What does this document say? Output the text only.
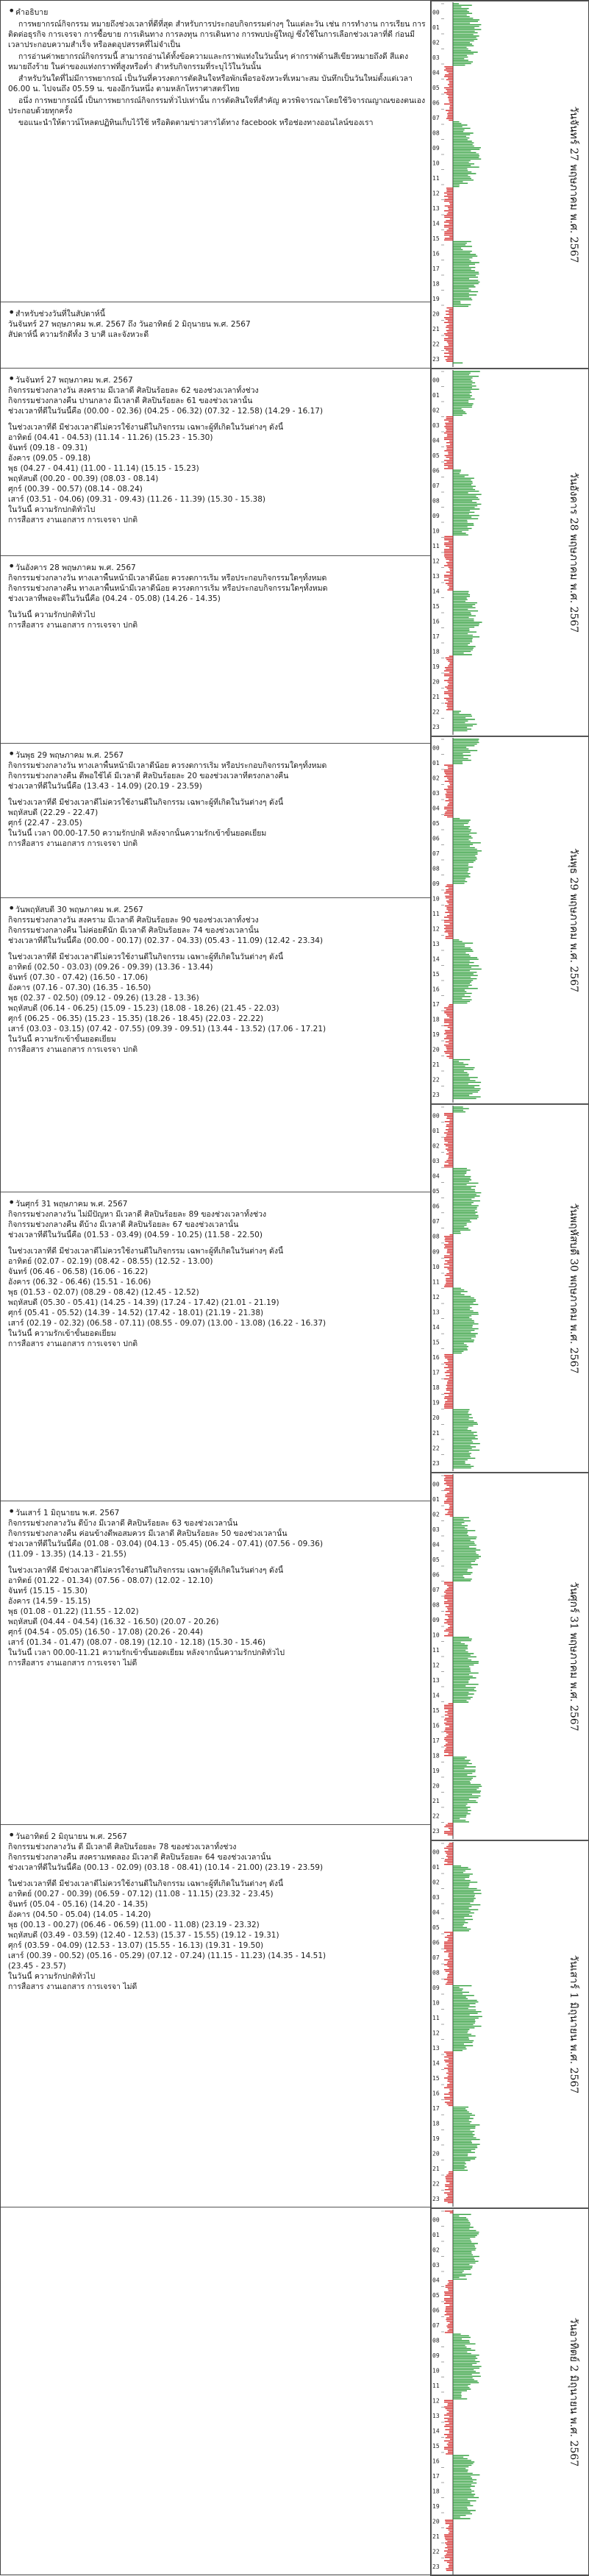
•คำอธิบาย
การพยากรณ์กิจกรรม หมายถึงช่วงเวลาที่ดีที่สุด สำหรับการประกอบกิจกรรมต่างๆ ในแต่ละวัน เช่น การทำงาน การเรียน การติดต่อธุรกิจ การเจรจา การซื้อขาย การเดินทาง การลงทุน การเดินทาง การพบปะผู้ใหญ่ ซึ่งใช้ในการเลือกช่วงเวลาที่ดี ก่อนมีเวลาประกอบความสำเร็จ หรือลดอุปสรรคที่ไม่จำเป็น
การอ่านค่าพยากรณ์กิจกรรมนี้ สามารถอ่านได้ทั้งข้อความและกราฟแท่งในวันนั้นๆ ค่ากราฟด้านสีเขียวหมายถึงดี สีแดงหมายถึงร้าย ในค่าของแท่งกราฟที่สูงหรือต่ำ สำหรับกิจกรรมที่ระบุไว้ในวันนั้น
สำหรับวันใดที่ไม่มีการพยากรณ์ เป็นวันที่ควรงดการตัดสินใจหรือพักเพื่อรอจังหวะที่เหมาะสม บันทึกเป็นวันใหม่ตั้งแต่เวลา 06.00 น. ไปจนถึง 05.59 น. ของอีกวันหนึ่ง ตามหลักโหราศาสตร์ไทย
อนึ่ง การพยากรณ์นี้ เป็นการพยากรณ์กิจกรรมทั่วไปเท่านั้น การตัดสินใจที่สำคัญ ควรพิจารณาโดยใช้วิจารณญาณของตนเองประกอบด้วยทุกครั้ง
ขอแนะนำให้ดาวน์โหลดปฏิทินเก็บไว้ใช้ หรือติดตามข่าวสารได้ทาง facebook หรือช่องทางออนไลน์ของเรา
•สำหรับช่วงวันที่ในสัปดาห์นี้
วันจันทร์ 27 พฤษภาคม พ.ศ. 2567 ถึง วันอาทิตย์ 2 มิถุนายน พ.ศ. 2567
สัปดาห์นี้ ความรักดีทั้ง 3 บาศี และจังหวะดี
•วันจันทร์ 27 พฤษภาคม พ.ศ. 2567
กิจกรรมช่วงกลางวัน สงคราม มีเวลาดี ศิลปินร้อยละ 62 ของช่วงเวลาทั้งช่วง
กิจกรรมช่วงกลางคืน ปานกลาง มีเวลาดี ศิลปินร้อยละ 61 ของช่วงเวลานั้น
ช่วงเวลาที่ดีในวันนี้คือ (00.00 - 02.36) (04.25 - 06.32) (07.32 - 12.58) (14.29 - 16.17)
ในช่วงเวลาที่ดี มีช่วงเวลาดีไม่ควรใช้งานดีในกิจกรรม เฉพาะผู้ที่เกิดในวันต่างๆ ดังนี้
อาทิตย์ (04.41 - 04.53) (11.14 - 11.26) (15.23 - 15.30)
จันทร์ (09.18 - 09.31)
อังคาร (09.05 - 09.18)
พุธ (04.27 - 04.41) (11.00 - 11.14) (15.15 - 15.23)
พฤหัสบดี (00.20 - 00.39) (08.03 - 08.14)
ศุกร์ (00.39 - 00.57) (08.14 - 08.24)
เสาร์ (03.51 - 04.06) (09.31 - 09.43) (11.26 - 11.39) (15.30 - 15.38)
ในวันนี้ ความรักปกติทั่วไป
การสื่อสาร งานเอกสาร การเจรจา ปกติ
•วันอังคาร 28 พฤษภาคม พ.ศ. 2567
กิจกรรมช่วงกลางวัน ทางเลาพื้นหน้ามีเวลาดีน้อย ควรงดการเริ่ม หรือประกอบกิจกรรมใดๆทั้งหมด
กิจกรรมช่วงกลางคืน ทางเลาพื้นหน้ามีเวลาดีน้อย ควรงดการเริ่ม หรือประกอบกิจกรรมใดๆทั้งหมด
ช่วงเวลาที่พอจะดีในวันนี้คือ (04.24 - 05.08) (14.26 - 14.35)
ในวันนี้ ความรักปกติทั่วไป
การสื่อสาร งานเอกสาร การเจรจา ปกติ
•วันพุธ 29 พฤษภาคม พ.ศ. 2567
กิจกรรมช่วงกลางวัน ทางเลาพื้นหน้ามีเวลาดีน้อย ควรงดการเริ่ม หรือประกอบกิจกรรมใดๆทั้งหมด
กิจกรรมช่วงกลางคืน ดีพอใช้ได้ มีเวลาดี ศิลปินร้อยละ 20 ของช่วงเวลาที่ตรงกลางคืน
ช่วงเวลาที่ดีในวันนี้คือ (13.43 - 14.09) (20.19 - 23.59)
ในช่วงเวลาที่ดี มีช่วงเวลาดีไม่ควรใช้งานดีในกิจกรรม เฉพาะผู้ที่เกิดในวันต่างๆ ดังนี้
พฤหัสบดี (22.29 - 22.47)
ศุกร์ (22.47 - 23.05)
ในวันนี้ เวลา 00.00-17.50 ความรักปกติ หลังจากนั้นความรักเข้าขั้นยอดเยี่ยม
การสื่อสาร งานเอกสาร การเจรจา ปกติ
•วันพฤหัสบดี 30 พฤษภาคม พ.ศ. 2567
กิจกรรมช่วงกลางวัน สงคราม มีเวลาดี ศิลปินร้อยละ 90 ของช่วงเวลาทั้งช่วง
กิจกรรมช่วงกลางคืน ไม่ค่อยดีนัก มีเวลาดี ศิลปินร้อยละ 74 ของช่วงเวลานั้น
ช่วงเวลาที่ดีในวันนี้คือ (00.00 - 00.17) (02.37 - 04.33) (05.43 - 11.09) (12.42 - 23.34)
ในช่วงเวลาที่ดี มีช่วงเวลาดีไม่ควรใช้งานดีในกิจกรรม เฉพาะผู้ที่เกิดในวันต่างๆ ดังนี้
อาทิตย์ (02.50 - 03.03) (09.26 - 09.39) (13.36 - 13.44)
จันทร์ (07.30 - 07.42) (16.50 - 17.06)
อังคาร (07.16 - 07.30) (16.35 - 16.50)
พุธ (02.37 - 02.50) (09.12 - 09.26) (13.28 - 13.36)
พฤหัสบดี (06.14 - 06.25) (15.09 - 15.23) (18.08 - 18.26) (21.45 - 22.03)
ศุกร์ (06.25 - 06.35) (15.23 - 15.35) (18.26 - 18.45) (22.03 - 22.22)
เสาร์ (03.03 - 03.15) (07.42 - 07.55) (09.39 - 09.51) (13.44 - 13.52) (17.06 - 17.21)
ในวันนี้ ความรักเข้าขั้นยอดเยี่ยม
การสื่อสาร งานเอกสาร การเจรจา ปกติ
•วันศุกร์ 31 พฤษภาคม พ.ศ. 2567
กิจกรรมช่วงกลางวัน ไม่มีปัญหา มีเวลาดี ศิลปินร้อยละ 89 ของช่วงเวลาทั้งช่วง
กิจกรรมช่วงกลางคืน ดีบ้าง มีเวลาดี ศิลปินร้อยละ 67 ของช่วงเวลานั้น
ช่วงเวลาที่ดีในวันนี้คือ (01.53 - 03.49) (04.59 - 10.25) (11.58 - 22.50)
ในช่วงเวลาที่ดี มีช่วงเวลาดีไม่ควรใช้งานดีในกิจกรรม เฉพาะผู้ที่เกิดในวันต่างๆ ดังนี้
อาทิตย์ (02.07 - 02.19) (08.42 - 08.55) (12.52 - 13.00)
จันทร์ (06.46 - 06.58) (16.06 - 16.22)
อังคาร (06.32 - 06.46) (15.51 - 16.06)
พุธ (01.53 - 02.07) (08.29 - 08.42) (12.45 - 12.52)
พฤหัสบดี (05.30 - 05.41) (14.25 - 14.39) (17.24 - 17.42) (21.01 - 21.19)
ศุกร์ (05.41 - 05.52) (14.39 - 14.52) (17.42 - 18.01) (21.19 - 21.38)
เสาร์ (02.19 - 02.32) (06.58 - 07.11) (08.55 - 09.07) (13.00 - 13.08) (16.22 - 16.37)
ในวันนี้ ความรักเข้าขั้นยอดเยี่ยม
การสื่อสาร งานเอกสาร การเจรจา ปกติ
•วันเสาร์ 1 มิถุนายน พ.ศ. 2567
กิจกรรมช่วงกลางวัน ดีบ้าง มีเวลาดี ศิลปินร้อยละ 63 ของช่วงเวลานั้น
กิจกรรมช่วงกลางคืน ค่อนข้างดีพอสมควร มีเวลาดี ศิลปินร้อยละ 50 ของช่วงเวลานั้น
ช่วงเวลาที่ดีในวันนี้คือ (01.08 - 03.04) (04.13 - 05.45) (06.24 - 07.41) (07.56 - 09.36)
(11.09 - 13.35) (14.13 - 21.55)
ในช่วงเวลาที่ดี มีช่วงเวลาดีไม่ควรใช้งานดีในกิจกรรม เฉพาะผู้ที่เกิดในวันต่างๆ ดังนี้
อาทิตย์ (01.22 - 01.34) (07.56 - 08.07) (12.02 - 12.10)
จันทร์ (15.15 - 15.30)
อังคาร (14.59 - 15.15)
พุธ (01.08 - 01.22) (11.55 - 12.02)
พฤหัสบดี (04.44 - 04.54) (16.32 - 16.50) (20.07 - 20.26)
ศุกร์ (04.54 - 05.05) (16.50 - 17.08) (20.26 - 20.44)
เสาร์ (01.34 - 01.47) (08.07 - 08.19) (12.10 - 12.18) (15.30 - 15.46)
ในวันนี้ เวลา 00.00-11.21 ความรักเข้าขั้นยอดเยี่ยม หลังจากนั้นความรักปกติทั่วไป
การสื่อสาร งานเอกสาร การเจรจา ไม่ดี
•วันอาทิตย์ 2 มิถุนายน พ.ศ. 2567
กิจกรรมช่วงกลางวัน ดี มีเวลาดี ศิลปินร้อยละ 78 ของช่วงเวลาทั้งช่วง
กิจกรรมช่วงกลางคืน สงครามทดลอง มีเวลาดี ศิลปินร้อยละ 64 ของช่วงเวลานั้น
ช่วงเวลาที่ดีในวันนี้คือ (00.13 - 02.09) (03.18 - 08.41) (10.14 - 21.00) (23.19 - 23.59)
ในช่วงเวลาที่ดี มีช่วงเวลาดีไม่ควรใช้งานดีในกิจกรรม เฉพาะผู้ที่เกิดในวันต่างๆ ดังนี้
อาทิตย์ (00.27 - 00.39) (06.59 - 07.12) (11.08 - 11.15) (23.32 - 23.45)
จันทร์ (05.04 - 05.16) (14.20 - 14.35)
อังคาร (04.50 - 05.04) (14.05 - 14.20)
พุธ (00.13 - 00.27) (06.46 - 06.59) (11.00 - 11.08) (23.19 - 23.32)
พฤหัสบดี (03.49 - 03.59) (12.40 - 12.53) (15.37 - 15.55) (19.12 - 19.31)
ศุกร์ (03.59 - 04.09) (12.53 - 13.07) (15.55 - 16.13) (19.31 - 19.50)
เสาร์ (00.39 - 00.52) (05.16 - 05.29) (07.12 - 07.24) (11.15 - 11.23) (14.35 - 14.51)
(23.45 - 23.57)
ในวันนี้ ความรักปกติทั่วไป
การสื่อสาร งานเอกสาร การเจรจา ไม่ดี
00
01
02
03
04
05
06
07
08
09
10
11
12
13
14
15
16
17
18
19
20
21
22
23
วันจันทร์ 27 พฤษภาคม พ.ศ. 2567
00
01
02
03
04
05
06
07
08
09
10
11
12
13
14
15
16
17
18
19
20
21
22
23
วันอังคาร 28 พฤษภาคม พ.ศ. 2567
00
01
02
03
04
05
06
07
08
09
10
11
12
13
14
15
16
17
18
19
20
21
22
23
วันพุธ 29 พฤษภาคม พ.ศ. 2567
00
01
02
03
04
05
06
07
08
09
10
11
12
13
14
15
16
17
18
19
20
21
22
23
วันพฤหัสบดี 30 พฤษภาคม พ.ศ. 2567
00
01
02
03
04
05
06
07
08
09
10
11
12
13
14
15
16
17
18
19
20
21
22
23
วันศุกร์ 31 พฤษภาคม พ.ศ. 2567
00
01
02
03
04
05
06
07
08
09
10
11
12
13
14
15
16
17
18
19
20
21
22
23
วันเสาร์ 1 มิถุนายน พ.ศ. 2567
00
01
02
03
04
05
06
07
08
09
10
11
12
13
14
15
16
17
18
19
20
21
22
23
วันอาทิตย์ 2 มิถุนายน พ.ศ. 2567
